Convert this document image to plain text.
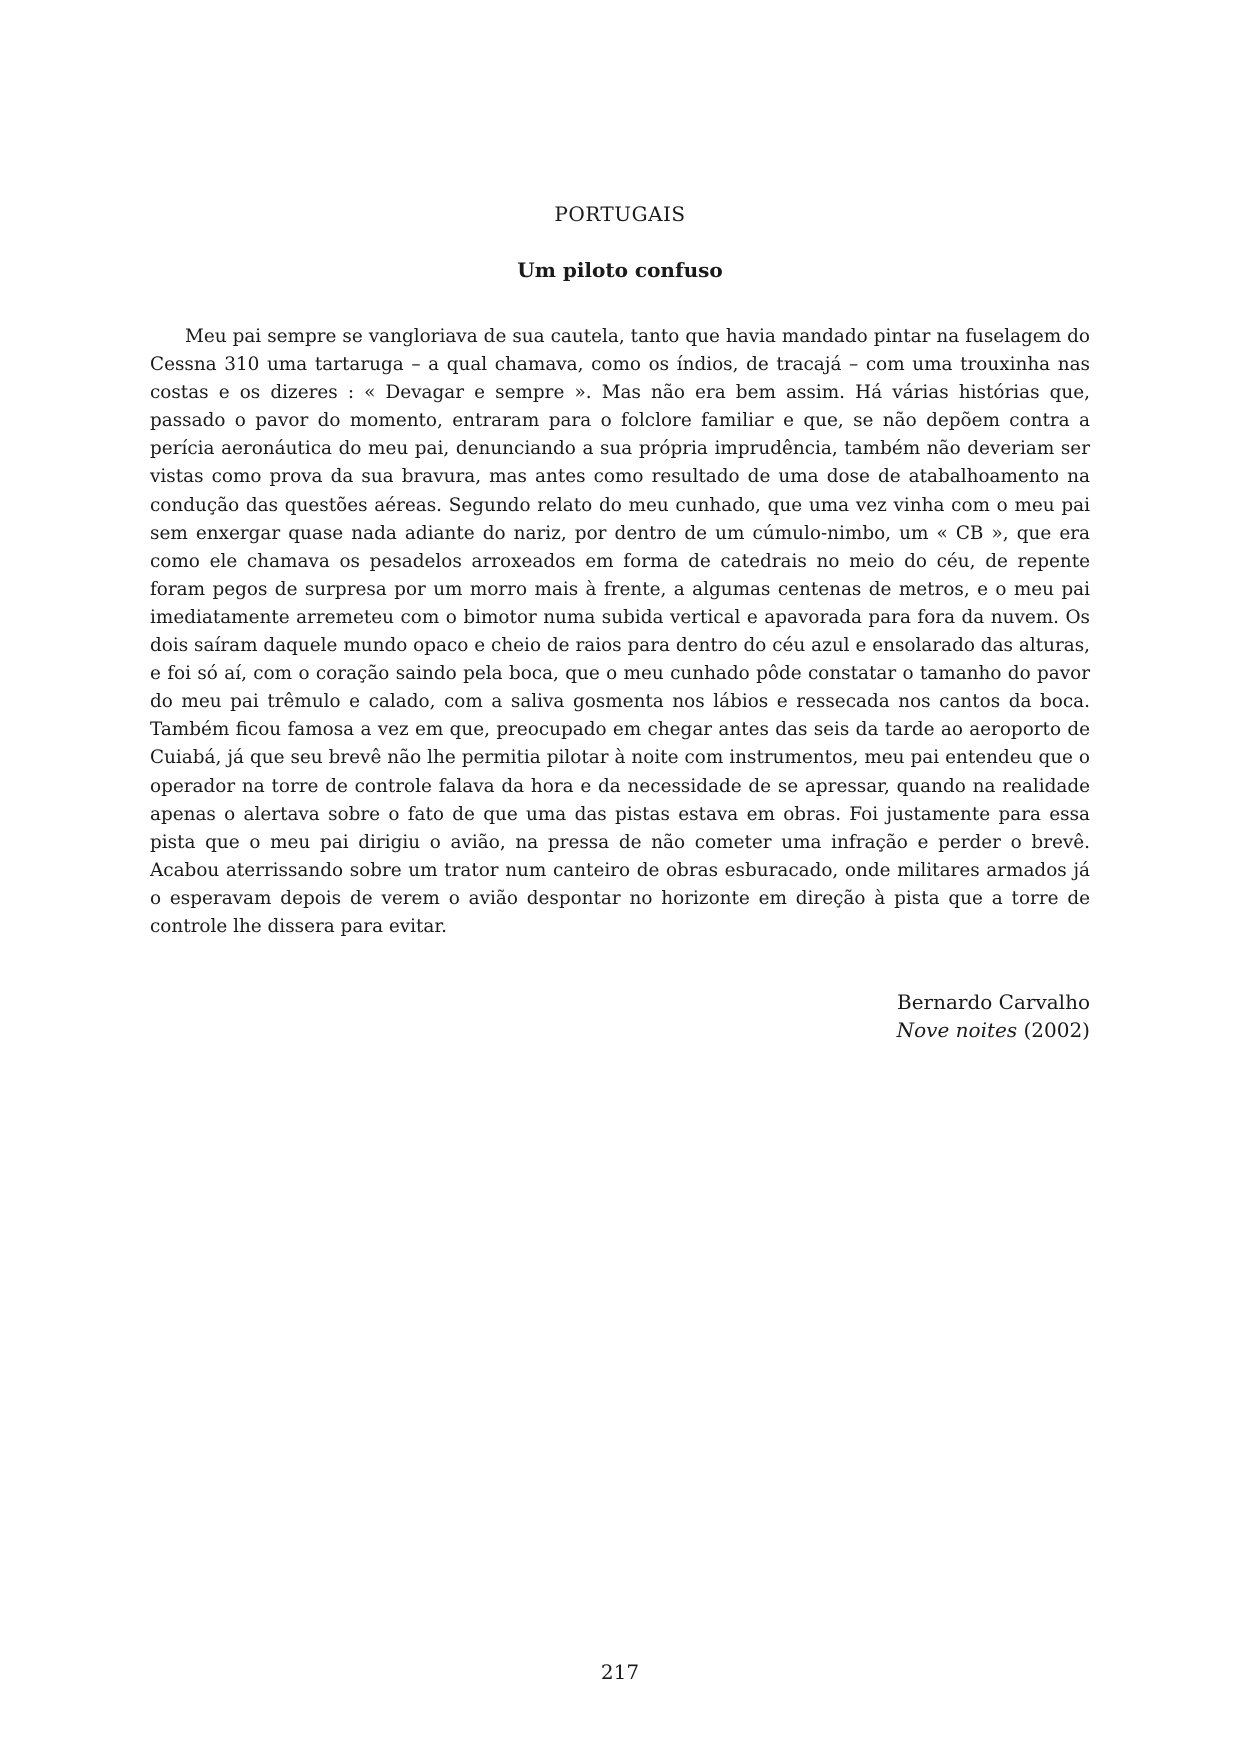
PORTUGAIS
Um piloto confuso

Meu pai sempre se vangloriava de sua cautela, tanto que havia mandado pintar na fuselagem do Cessna 310 uma tartaruga – a qual chamava, como os índios, de tracajá – com uma trouxinha nas costas e os dizeres : « Devagar e sempre ». Mas não era bem assim. Há várias histórias que, passado o pavor do momento, entraram para o folclore familiar e que, se não depõem contra a perícia aeronáutica do meu pai, denunciando a sua própria imprudência, também não deveriam ser vistas como prova da sua bravura, mas antes como resultado de uma dose de atabalhoamento na condução das questões aéreas. Segundo relato do meu cunhado, que uma vez vinha com o meu pai sem enxergar quase nada adiante do nariz, por dentro de um cúmulo-nimbo, um « CB », que era como ele chamava os pesadelos arroxeados em forma de catedrais no meio do céu, de repente foram pegos de surpresa por um morro mais à frente, a algumas centenas de metros, e o meu pai imediatamente arremeteu com o bimotor numa subida vertical e apavorada para fora da nuvem. Os dois saíram daquele mundo opaco e cheio de raios para dentro do céu azul e ensolarado das alturas, e foi só aí, com o coração saindo pela boca, que o meu cunhado pôde constatar o tamanho do pavor do meu pai trêmulo e calado, com a saliva gosmenta nos lábios e ressecada nos cantos da boca. Também ficou famosa a vez em que, preocupado em chegar antes das seis da tarde ao aeroporto de Cuiabá, já que seu brevê não lhe permitia pilotar à noite com instrumentos, meu pai entendeu que o operador na torre de controle falava da hora e da necessidade de se apressar, quando na realidade apenas o alertava sobre o fato de que uma das pistas estava em obras. Foi justamente para essa pista que o meu pai dirigiu o avião, na pressa de não cometer uma infração e perder o brevê. Acabou aterrissando sobre um trator num canteiro de obras esburacado, onde militares armados já o esperavam depois de verem o avião despontar no horizonte em direção à pista que a torre de controle lhe dissera para evitar.

Bernardo Carvalho
Nove noites (2002)
217
